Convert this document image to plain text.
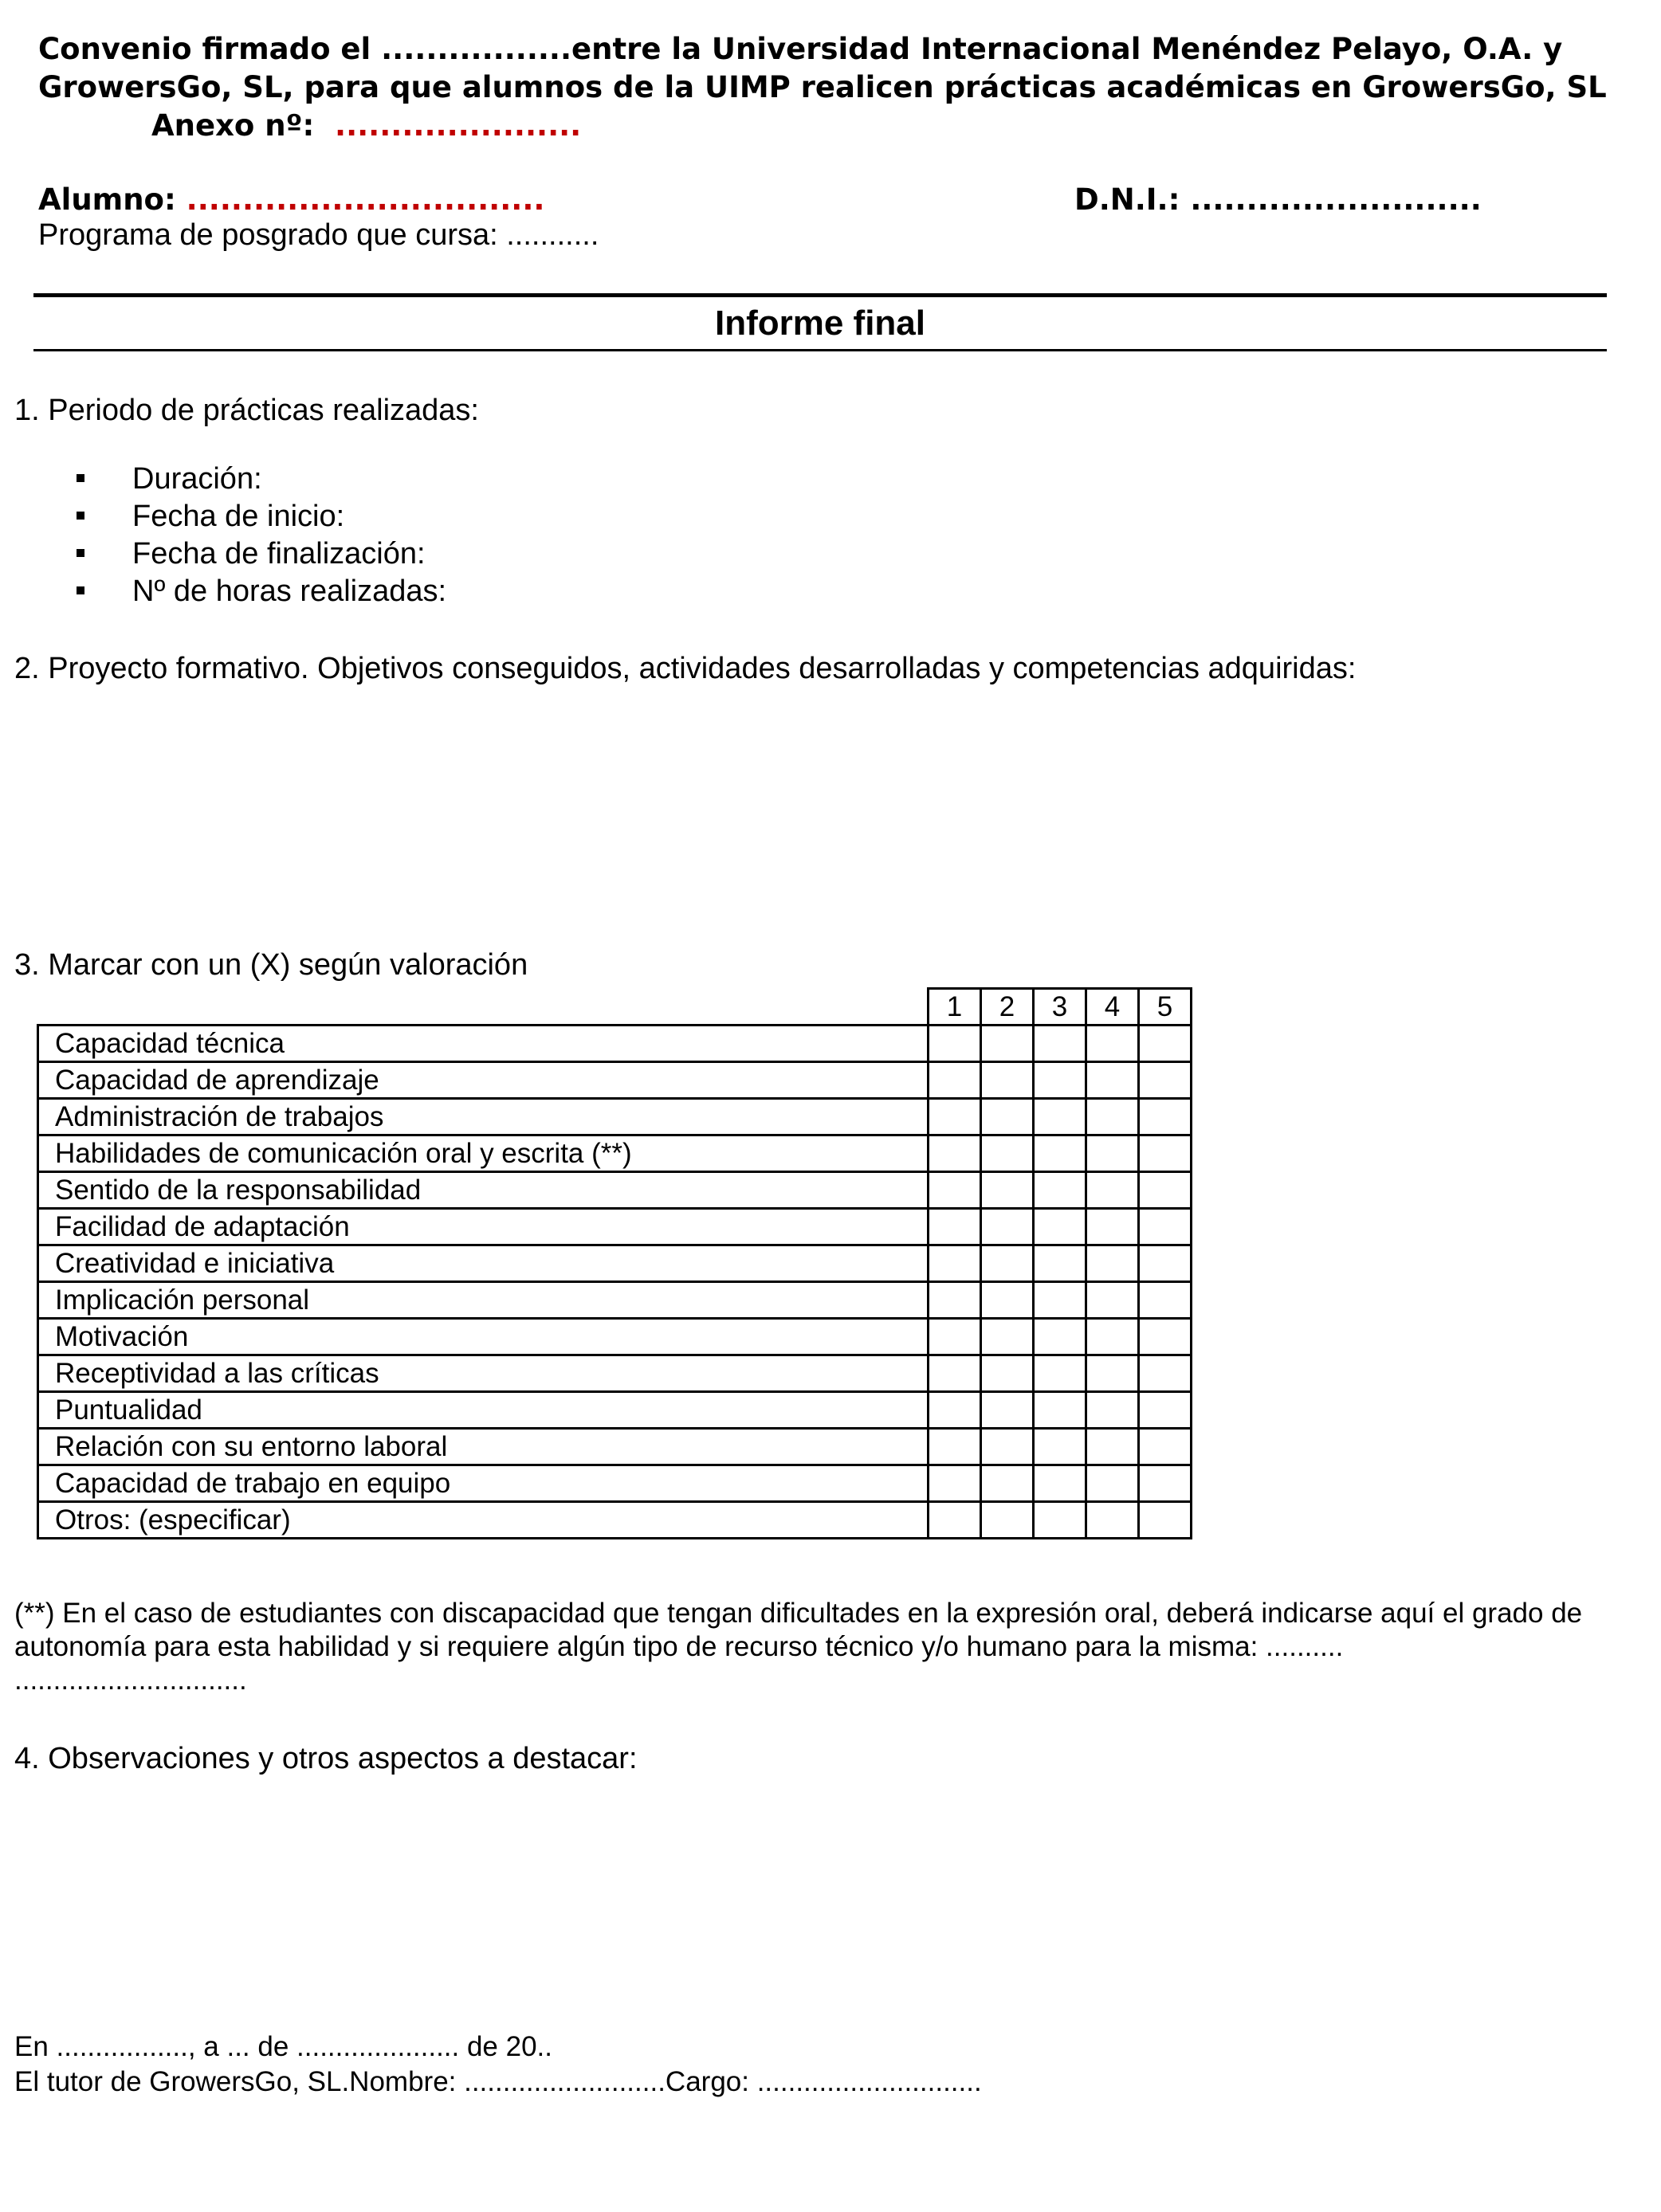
Convenio firmado el .................entre la Universidad Internacional Menéndez Pelayo, O.A. y
GrowersGo, SL, para que alumnos de la UIMP realicen prácticas académicas en GrowersGo, SL
Anexo nº: ......................
Alumno: ................................	D.N.I.: ..........................
Programa de posgrado que cursa: ...........
Informe final
1. Periodo de prácticas realizadas:
Duración:
Fecha de inicio:
Fecha de finalización:
Nº de horas realizadas:
2. Proyecto formativo. Objetivos conseguidos, actividades desarrolladas y competencias adquiridas:
3. Marcar con un (X) según valoración
	1	2	3	4	5
Capacidad técnica					
Capacidad de aprendizaje					
Administración de trabajos					
Habilidades de comunicación oral y escrita (**)					
Sentido de la responsabilidad					
Facilidad de adaptación					
Creatividad e iniciativa					
Implicación personal					
Motivación					
Receptividad a las críticas					
Puntualidad					
Relación con su entorno laboral					
Capacidad de trabajo en equipo					
Otros: (especificar)					
(**) En el caso de estudiantes con discapacidad que tengan dificultades en la expresión oral, deberá indicarse aquí el grado de
autonomía para esta habilidad y si requiere algún tipo de recurso técnico y/o humano para la misma: ..........
..............................
4. Observaciones y otros aspectos a destacar:
En ................., a ... de ..................... de 20..
El tutor de GrowersGo, SL.Nombre: ..........................Cargo: .............................
